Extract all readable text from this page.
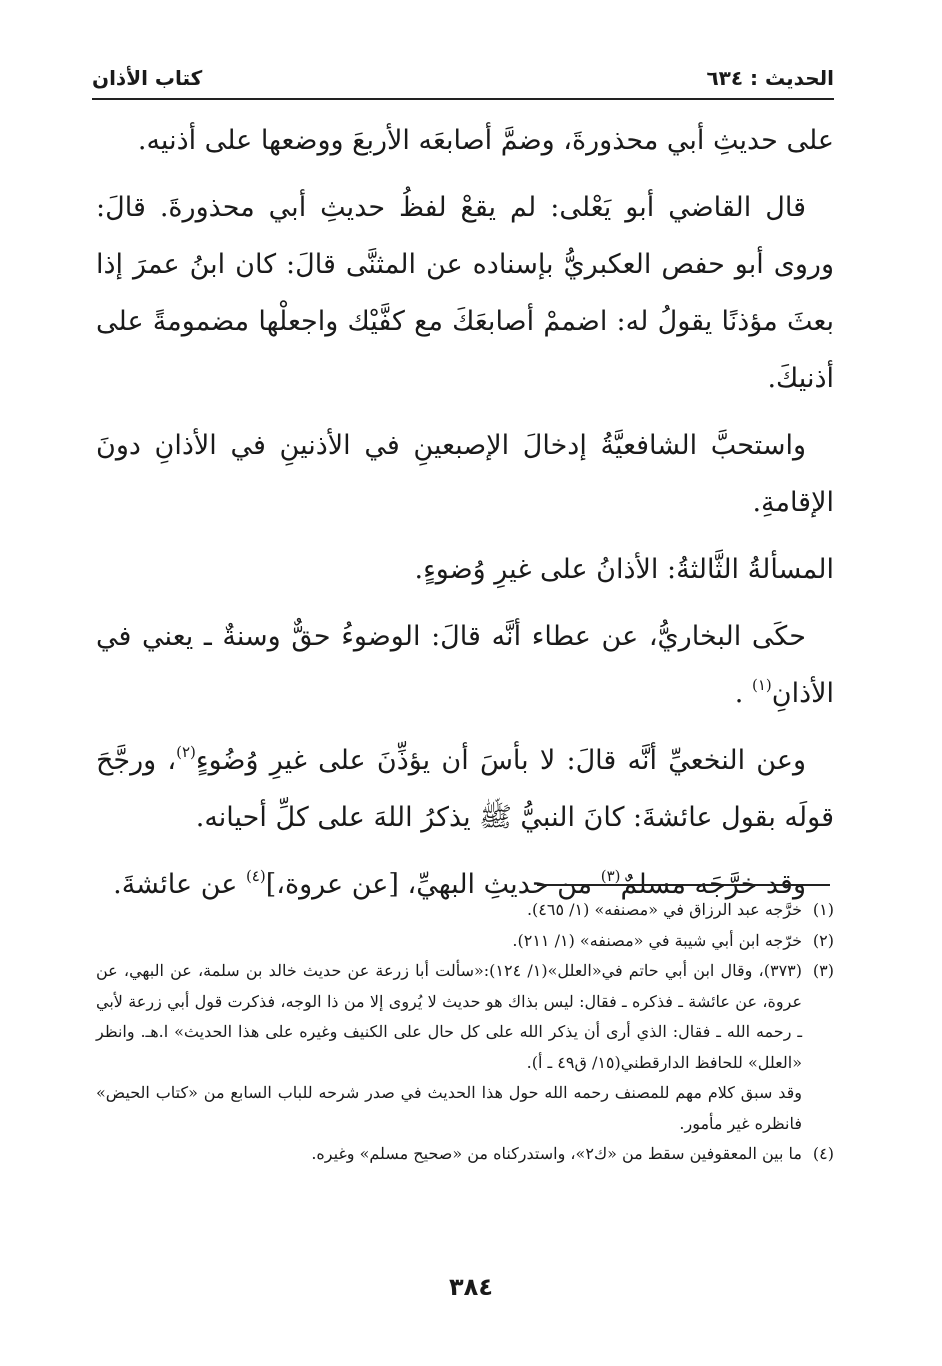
كتاب الأذان	الحديث : ٦٣٤

على حديثِ أبي محذورةَ، وضمَّ أصابعَه الأربعَ ووضعها على أذنيه.

قال القاضي أبو يَعْلى: لم يقعْ لفظُ حديثِ أبي محذورةَ. قالَ: وروى أبو حفص العكبريُّ بإسناده عن المثنَّى قالَ: كان ابنُ عمرَ إذا بعثَ مؤذنًا يقولُ له: اضممْ أصابعَكَ مع كفَّيْك واجعلْها مضمومةً على أذنيكَ.

واستحبَّ الشافعيَّةُ إدخالَ الإصبعينِ في الأذنينِ في الأذانِ دونَ الإقامةِ.

المسألةُ الثَّالثةُ: الأذانُ على غيرِ وُضوءٍ.

حكَى البخاريُّ، عن عطاء أنَّه قالَ: الوضوءُ حقٌّ وسنةٌ ـ يعني في الأذانِ$^{(١)}$ .

وعن النخعيِّ أنَّه قالَ: لا بأسَ أن يؤذِّنَ على غيرِ وُضُوءٍ$^{(٢)}$، ورجَّحَ قولَه بقول عائشةَ: كانَ النبيُّ ﷺ يذكرُ اللهَ على كلِّ أحيانه.

وقد خرَّجَه مسلمٌ$^{(٣)}$ من حديثِ البهيِّ، [عن عروة،]$^{(٤)}$ عن عائشةَ.

(١)
خرَّجه عبد الرزاق في «مصنفه» (١/ ٤٦٥).
(٢)
خرّجه ابن أبي شيبة في «مصنفه» (١/ ٢١١).
(٣)
(٣٧٣)، وقال ابن أبي حاتم في«العلل»(١/ ١٢٤):«سألت أبا زرعة عن حديث خالد بن سلمة، عن البهي، عن عروة، عن عائشة ـ فذكره ـ فقال: ليس بذاك هو حديث لا يُروى إلا من ذا الوجه، فذكرت قول أبي زرعة لأبي ـ رحمه الله ـ فقال: الذي أرى أن يذكر الله على كل حال على الكنيف وغيره على هذا الحديث» ا.هـ. وانظر «العلل» للحافظ الدارقطني(١٥/ ق٤٩ ـ أ).
وقد سبق كلام مهم للمصنف رحمه الله حول هذا الحديث في صدر شرحه للباب السابع من «كتاب الحيض» فانظره غير مأمور.
(٤)
ما بين المعقوفين سقط من «ك٢»، واستدركناه من «صحيح مسلم» وغيره.
٣٨٤
